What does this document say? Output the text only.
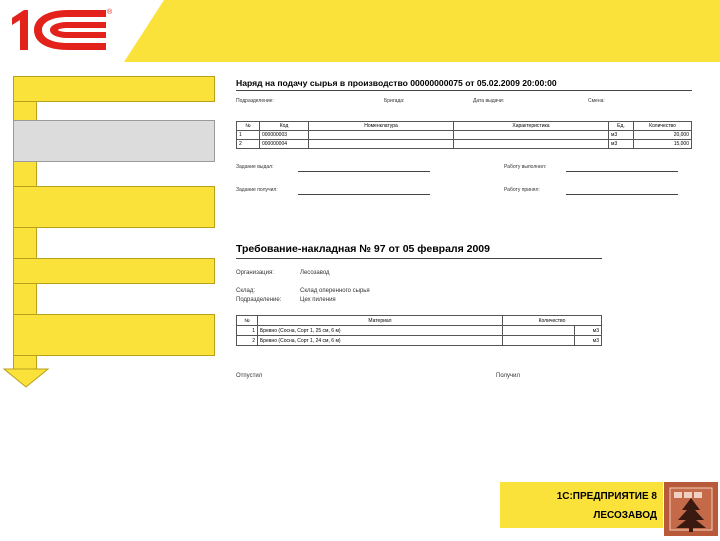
®
Наряд на подачу сырья в производство 00000000075 от 05.02.2009 20:00:00
Подразделение:	Бригада:	Дата выдачи:	Смена:
№	Код	Номенклатура	Характеристика	Ед.	Количество
1	000000003			м3	20,000
2	000000004			м3	15,000
Задание выдал:	Работу выполнил:
Задание получил:	Работу принял:
Требование-накладная № 97 от 05 февраля 2009
Организация:	Лесозавод
Склад:	Склад оперенного сырья
Подразделение:	Цех пиления
№	Материал	Количество	
1	Бревно (Сосна, Сорт 1, 25 см, 6 м)		м3
2	Бревно (Сосна, Сорт 1, 24 см, 6 м)		м3
Отпустил	Получил
1С:ПРЕДПРИЯТИЕ 8
ЛЕСОЗАВОД
